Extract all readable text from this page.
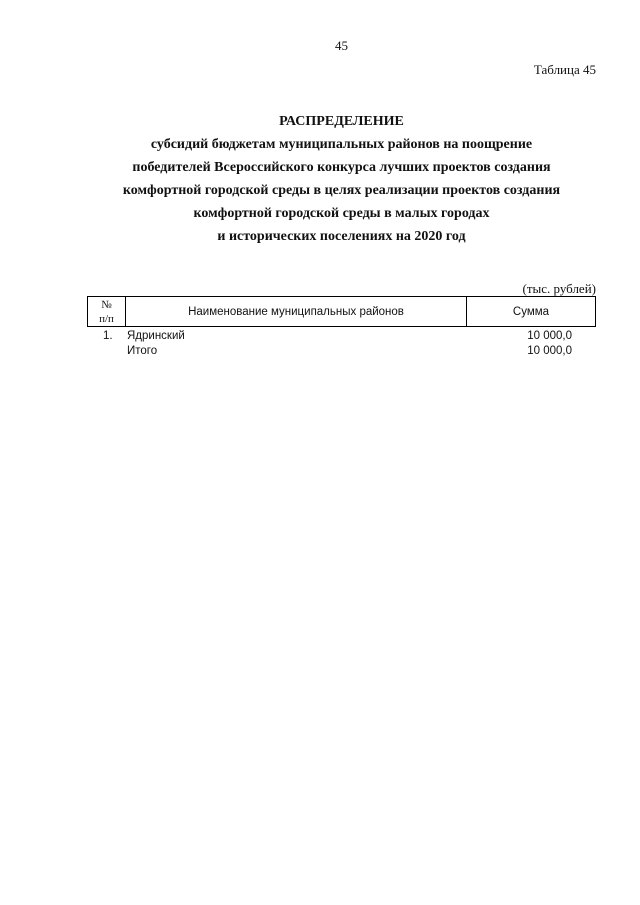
45
Таблица 45
РАСПРЕДЕЛЕНИЕ
субсидий бюджетам муниципальных районов на поощрение
победителей Всероссийского конкурса лучших проектов создания
комфортной городской среды в целях реализации проектов создания
комфортной городской среды в малых городах
и исторических поселениях на 2020 год
(тыс. рублей)
№
п/п
Наименование муниципальных районов	Сумма
1. Ядринский	10 000,0
Итого	10 000,0
